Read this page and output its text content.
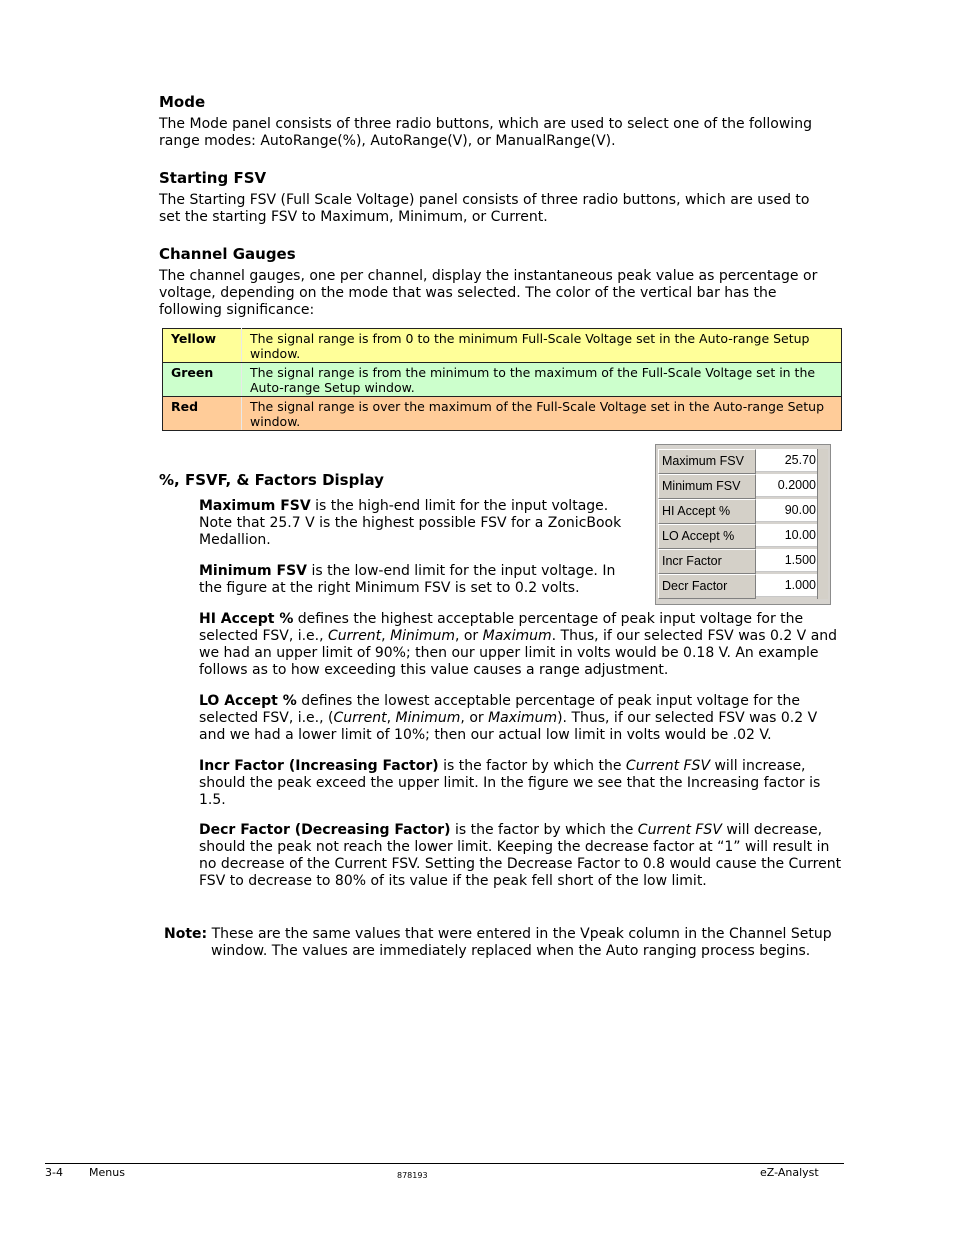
Mode

The Mode panel consists of three radio buttons, which are used to select one of the following range modes: AutoRange(%), AutoRange(V), or ManualRange(V).

Starting FSV

The Starting FSV (Full Scale Voltage) panel consists of three radio buttons, which are used to set the starting FSV to Maximum, Minimum, or Current.

Channel Gauges

The channel gauges, one per channel, display the instantaneous peak value as percentage or voltage, depending on the mode that was selected. The color of the vertical bar has the following significance:

Yellow	The signal range is from 0 to the minimum Full-Scale Voltage set in the Auto-range Setup window.
Green	The signal range is from the minimum to the maximum of the Full-Scale Voltage set in the Auto-range Setup window.
Red	The signal range is over the maximum of the Full-Scale Voltage set in the Auto-range Setup window.
Maximum FSV	25.70
Minimum FSV	0.2000
HI Accept %	90.00
LO Accept %	10.00
Incr Factor	1.500
Decr Factor	1.000
%, FSVF, & Factors Display

Maximum FSV is the high-end limit for the input voltage. Note that 25.7 V is the highest possible FSV for a ZonicBook Medallion.

Minimum FSV is the low-end limit for the input voltage. In the figure at the right Minimum FSV is set to 0.2 volts.

HI Accept % defines the highest acceptable percentage of peak input voltage for the selected FSV, i.e., Current, Minimum, or Maximum. Thus, if our selected FSV was 0.2 V and we had an upper limit of 90%; then our upper limit in volts would be 0.18 V. An example follows as to how exceeding this value causes a range adjustment.

LO Accept % defines the lowest acceptable percentage of peak input voltage for the selected FSV, i.e., (Current, Minimum, or Maximum). Thus, if our selected FSV was 0.2 V and we had a lower limit of 10%; then our actual low limit in volts would be .02 V.

Incr Factor (Increasing Factor) is the factor by which the Current FSV will increase, should the peak exceed the upper limit. In the figure we see that the Increasing factor is 1.5.

Decr Factor (Decreasing Factor) is the factor by which the Current FSV will decrease, should the peak not reach the lower limit. Keeping the decrease factor at “1” will result in no decrease of the Current FSV. Setting the Decrease Factor to 0.8 would cause the Current FSV to decrease to 80% of its value if the peak fell short of the low limit.

Note: These are the same values that were entered in the Vpeak column in the Channel Setup window. The values are immediately replaced when the Auto ranging process begins.

3-4 Menus	878193	eZ-Analyst
